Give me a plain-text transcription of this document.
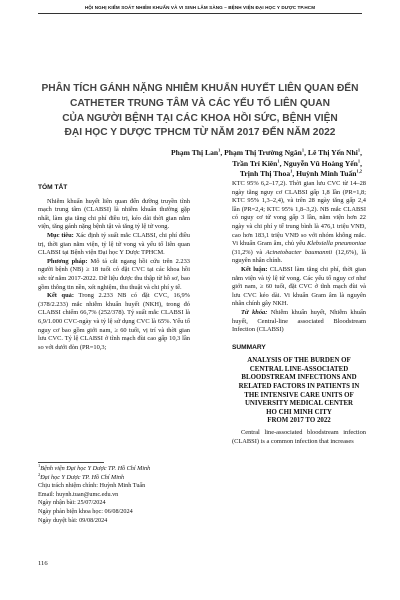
HỘI NGHỊ KIỂM SOÁT NHIỄM KHUẨN VÀ VI SINH LÂM SÀNG – BỆNH VIỆN ĐẠI HỌC Y DƯỢC TP.HCM
PHÂN TÍCH GÁNH NẶNG NHIỄM KHUẨN HUYẾT LIÊN QUAN ĐẾN
CATHETER TRUNG TÂM VÀ CÁC YẾU TỐ LIÊN QUAN
CỦA NGƯỜI BỆNH TẠI CÁC KHOA HỒI SỨC, BỆNH VIỆN
ĐẠI HỌC Y DƯỢC TPHCM TỪ NĂM 2017 ĐẾN NĂM 2022
Phạm Thị Lan$^1$, Phạm Thị Trường Ngân$^1$, Lê Thị Yến Nhi$^1$,
Trần Trí Kiên$^1$, Nguyễn Vũ Hoàng Yến$^1$,
Trịnh Thị Thoa$^1$, Huỳnh Minh Tuấn$^{1,2}$
TÓM TẮT

Nhiễm khuẩn huyết liên quan đến đường truyền tĩnh mạch trung tâm (CLABSI) là nhiễm khuẩn thường gặp nhất, làm gia tăng chi phí điều trị, kéo dài thời gian nằm viện, tăng gánh nặng bệnh tật và tăng tỷ lệ tử vong.

Mục tiêu: Xác định tỷ suất mắc CLABSI, chi phí điều trị, thời gian nằm viện, tỷ lệ tử vong và yếu tố liên quan CLABSI tại Bệnh viện Đại học Y Dược TPHCM.

Phương pháp: Mô tả cắt ngang hồi cứu trên 2.233 người bệnh (NB) ≥ 18 tuổi có đặt CVC tại các khoa hồi sức từ năm 2017-2022. Dữ liệu được thu thập từ hồ sơ, bao gồm thông tin nền, xét nghiệm, thu thuật và chi phí y tế.

Kết quả: Trong 2.233 NB có đặt CVC, 16,9% (378/2.233) mắc nhiễm khuẩn huyết (NKH), trong đó CLABSI chiếm 66,7% (252/378). Tỷ suất mắc CLABSI là 6,9/1.000 CVC-ngày và tỷ lệ sử dụng CVC là 65%. Yếu tố nguy cơ bao gồm giới nam, ≥ 60 tuổi, vị trí và thời gian lưu CVC. Tỷ lệ CLABSI ở tĩnh mạch đùi cao gấp 10,3 lần so với dưới đòn (PR=10,3;

KTC 95% 6,2–17,2). Thời gian lưu CVC từ 14–28 ngày tăng nguy cơ CLABSI gấp 1,8 lần (PR=1,8; KTC 95% 1,3–2,4), và trên 28 ngày tăng gấp 2,4 lần (PR=2,4; KTC 95% 1,8–3,2). NB mắc CLABSI có nguy cơ tử vong gấp 3 lần, nằm viện hơn 22 ngày và chi phí y tế trung bình là 476,1 triệu VNĐ, cao hơn 183,1 triệu VNĐ so với nhóm không mắc. Vi khuẩn Gram âm, chủ yếu Klebsiella pneumoniae (31,2%) và Acinetobacter baumannii (12,6%), là nguyên nhân chính.

Kết luận: CLABSI làm tăng chi phí, thời gian nằm viện và tỷ lệ tử vong. Các yếu tố nguy cơ như giới nam, ≥ 60 tuổi, đặt CVC ở tĩnh mạch đùi và lưu CVC kéo dài. Vi khuẩn Gram âm là nguyên nhân chính gây NKH.

Từ khóa: Nhiễm khuẩn huyết, Nhiễm khuẩn huyết, Central-line associated Bloodstream Infection (CLABSI)

SUMMARY
ANALYSIS OF THE BURDEN OF
CENTRAL LINE-ASSOCIATED
BLOODSTREAM INFECTIONS AND
RELATED FACTORS IN PATIENTS IN
THE INTENSIVE CARE UNITS OF
UNIVERSITY MEDICAL CENTER
HO CHI MINH CITY
FROM 2017 TO 2022

Central line-associated bloodstream infection (CLABSI) is a common infection that increases

$^1$Bệnh viện Đại học Y Dược TP. Hồ Chí Minh
$^2$Đại học Y Dược TP. Hồ Chí Minh
Chịu trách nhiệm chính: Huỳnh Minh Tuấn
Email: huynh.tuan@umc.edu.vn
Ngày nhận bài: 25/07/2024
Ngày phản biện khoa học: 06/08/2024
Ngày duyệt bài: 09/08/2024
116
